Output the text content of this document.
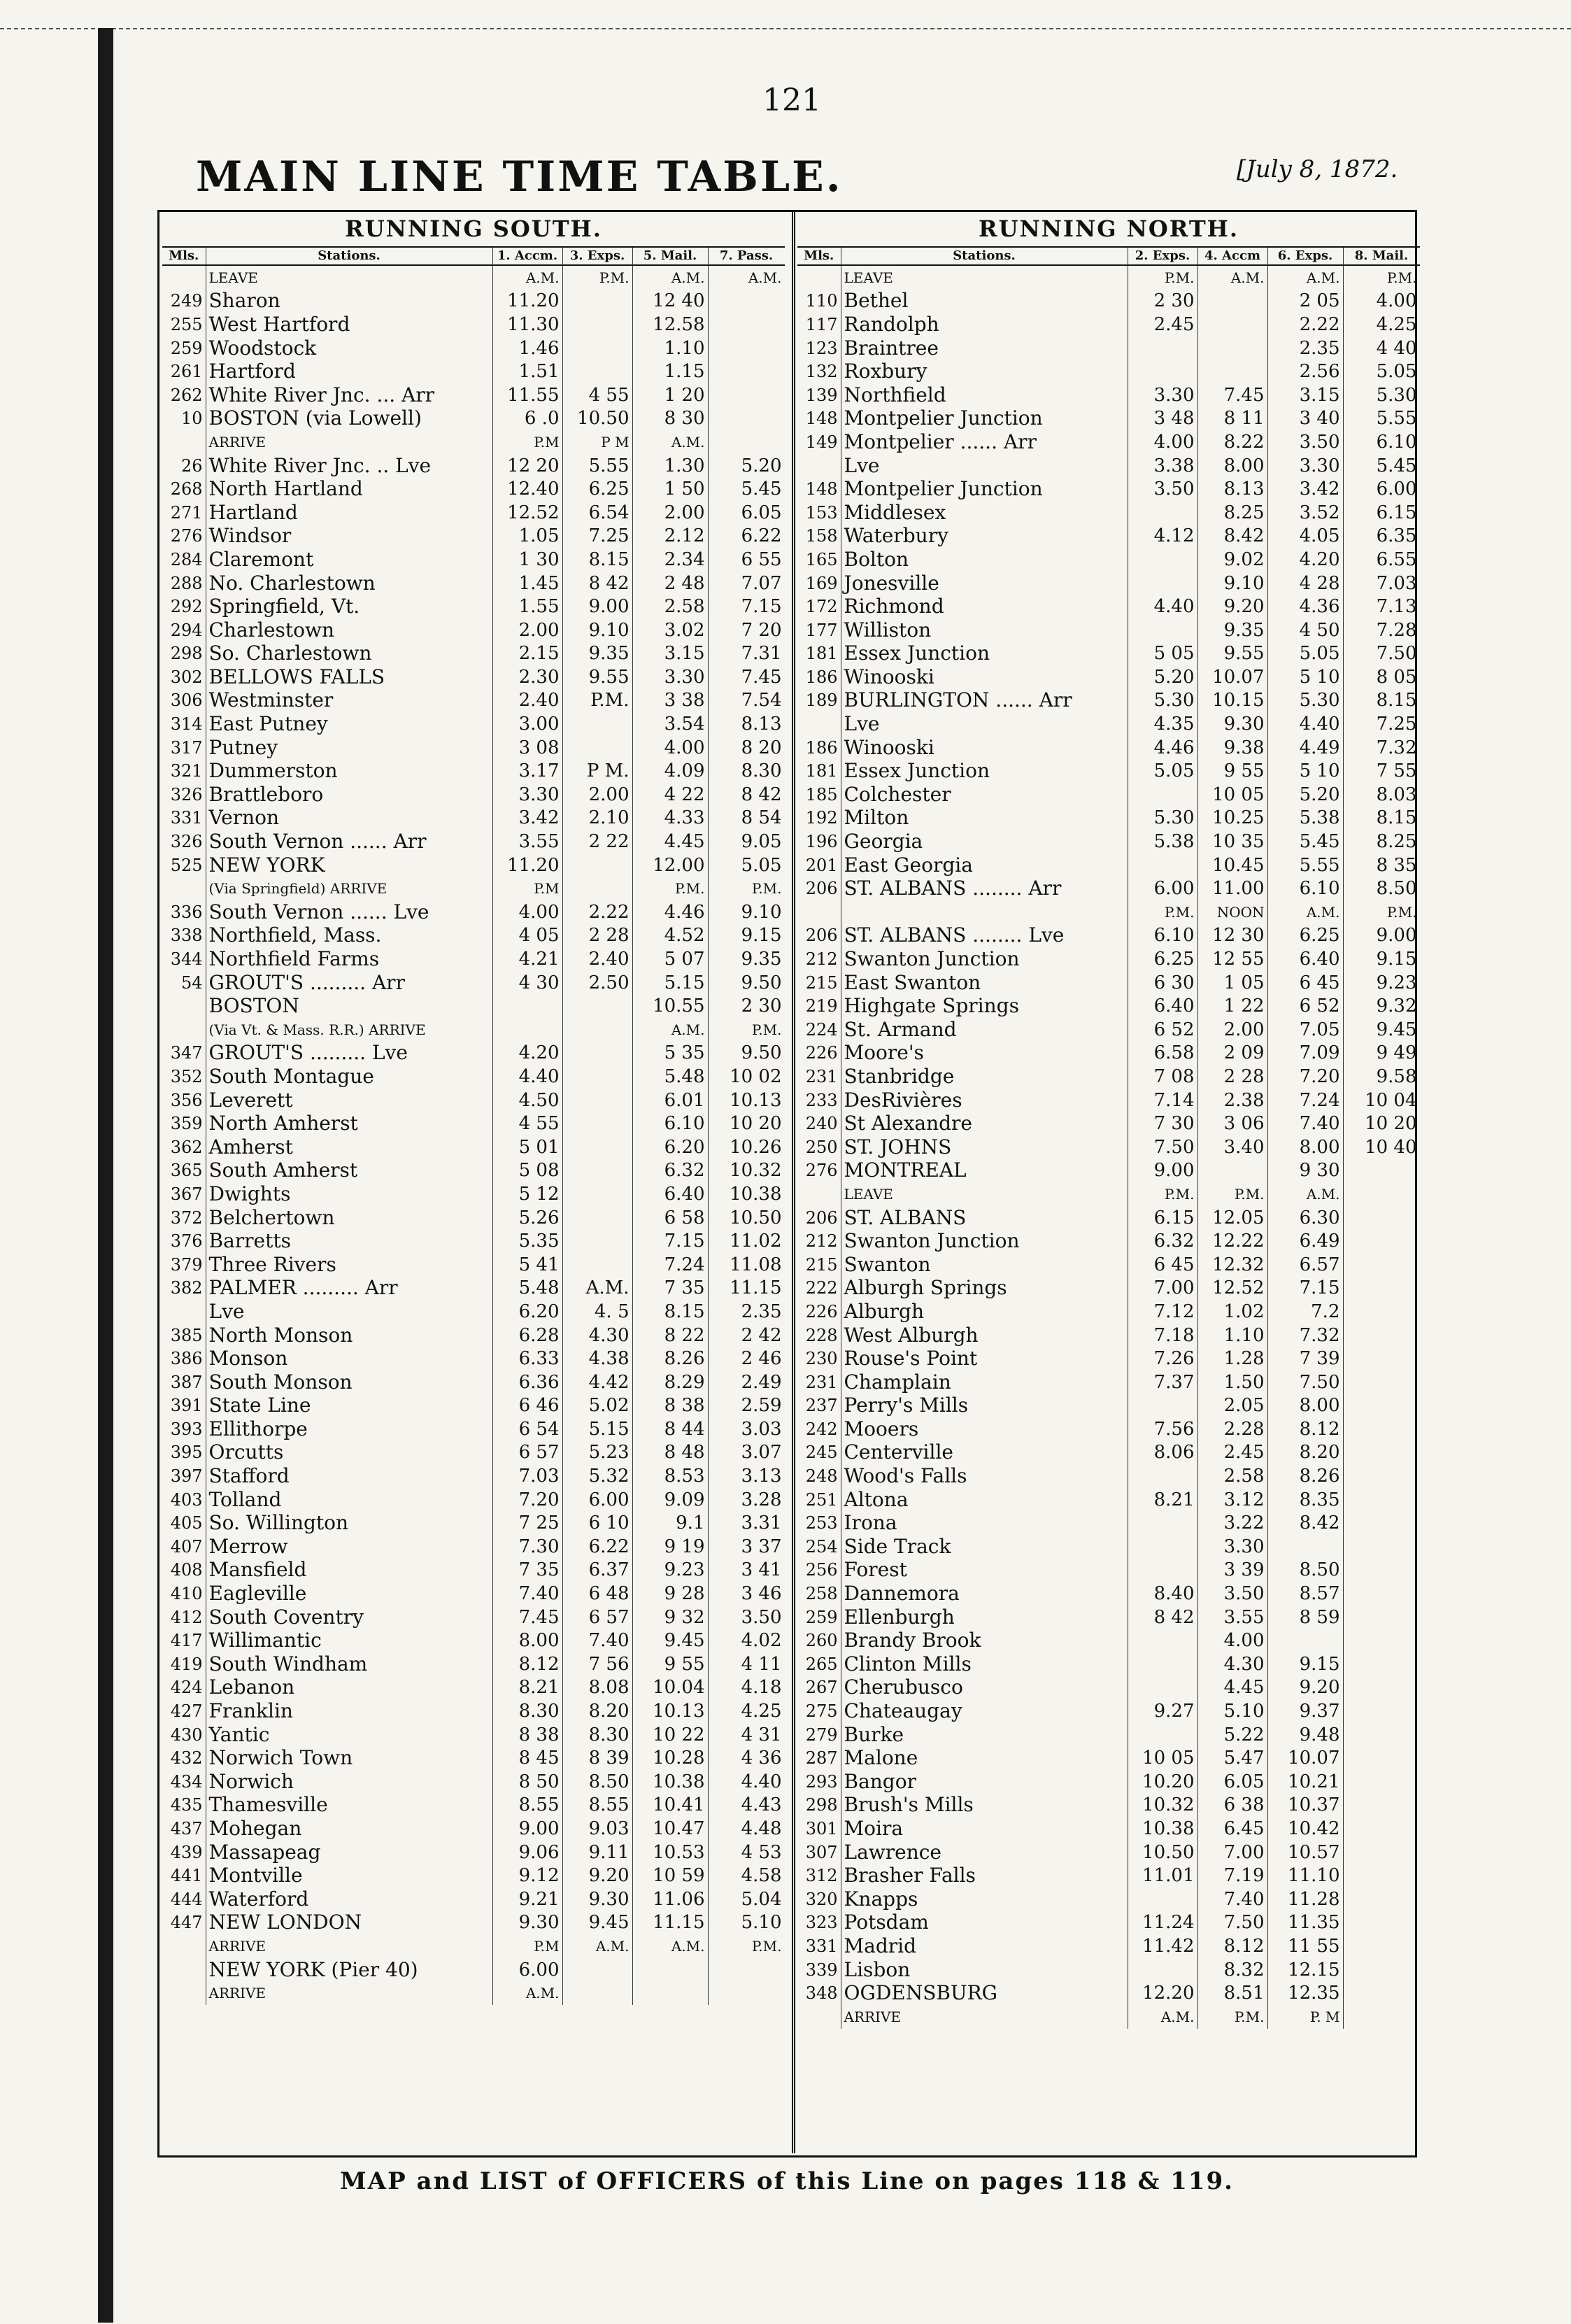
121
MAIN LINE TIME TABLE.	[July 8, 1872.
RUNNING SOUTH.
Mls.	Stations.	1. Accm.	3. Exps.	5. Mail.	7. Pass.
	LEAVE	A.M.	P.M.	A.M.	A.M.
249	Sharon	11.20		12 40	
255	West Hartford	11.30		12.58	
259	Woodstock	1.46		1.10	
261	Hartford	1.51		1.15	
262	White River Jnc. ... Arr	11.55	4 55	1 20	
10	BOSTON (via Lowell)	6 .0	10.50	8 30	
	ARRIVE	P.M	P M	A.M.	
26	White River Jnc. .. Lve	12 20	5.55	1.30	5.20
268	North Hartland	12.40	6.25	1 50	5.45
271	Hartland	12.52	6.54	2.00	6.05
276	Windsor	1.05	7.25	2.12	6.22
284	Claremont	1 30	8.15	2.34	6 55
288	No. Charlestown	1.45	8 42	2 48	7.07
292	Springfield, Vt.	1.55	9.00	2.58	7.15
294	Charlestown	2.00	9.10	3.02	7 20
298	So. Charlestown	2.15	9.35	3.15	7.31
302	BELLOWS FALLS	2.30	9.55	3.30	7.45
306	Westminster	2.40	P.M.	3 38	7.54
314	East Putney	3.00		3.54	8.13
317	Putney	3 08		4.00	8 20
321	Dummerston	3.17	P M.	4.09	8.30
326	Brattleboro	3.30	2.00	4 22	8 42
331	Vernon	3.42	2.10	4.33	8 54
326	South Vernon ...... Arr	3.55	2 22	4.45	9.05
525	NEW YORK	11.20		12.00	5.05
	(Via Springfield) ARRIVE	P.M		P.M.	P.M.
336	South Vernon ...... Lve	4.00	2.22	4.46	9.10
338	Northfield, Mass.	4 05	2 28	4.52	9.15
344	Northfield Farms	4.21	2.40	5 07	9.35
54	GROUT'S ......... Arr	4 30	2.50	5.15	9.50
	BOSTON			10.55	2 30
	(Via Vt. & Mass. R.R.) ARRIVE			A.M.	P.M.
347	GROUT'S ......... Lve	4.20		5 35	9.50
352	South Montague	4.40		5.48	10 02
356	Leverett	4.50		6.01	10.13
359	North Amherst	4 55		6.10	10 20
362	Amherst	5 01		6.20	10.26
365	South Amherst	5 08		6.32	10.32
367	Dwights	5 12		6.40	10.38
372	Belchertown	5.26		6 58	10.50
376	Barretts	5.35		7.15	11.02
379	Three Rivers	5 41		7.24	11.08
382	PALMER ......... Arr	5.48	A.M.	7 35	11.15
	Lve	6.20	4. 5	8.15	2.35
385	North Monson	6.28	4.30	8 22	2 42
386	Monson	6.33	4.38	8.26	2 46
387	South Monson	6.36	4.42	8.29	2.49
391	State Line	6 46	5.02	8 38	2.59
393	Ellithorpe	6 54	5.15	8 44	3.03
395	Orcutts	6 57	5.23	8 48	3.07
397	Stafford	7.03	5.32	8.53	3.13
403	Tolland	7.20	6.00	9.09	3.28
405	So. Willington	7 25	6 10	9.1	3.31
407	Merrow	7.30	6.22	9 19	3 37
408	Mansfield	7 35	6.37	9.23	3 41
410	Eagleville	7.40	6 48	9 28	3 46
412	South Coventry	7.45	6 57	9 32	3.50
417	Willimantic	8.00	7.40	9.45	4.02
419	South Windham	8.12	7 56	9 55	4 11
424	Lebanon	8.21	8.08	10.04	4.18
427	Franklin	8.30	8.20	10.13	4.25
430	Yantic	8 38	8.30	10 22	4 31
432	Norwich Town	8 45	8 39	10.28	4 36
434	Norwich	8 50	8.50	10.38	4.40
435	Thamesville	8.55	8.55	10.41	4.43
437	Mohegan	9.00	9.03	10.47	4.48
439	Massapeag	9.06	9.11	10.53	4 53
441	Montville	9.12	9.20	10 59	4.58
444	Waterford	9.21	9.30	11.06	5.04
447	NEW LONDON	9.30	9.45	11.15	5.10
	ARRIVE	P.M	A.M.	A.M.	P.M.
	NEW YORK (Pier 40)	6.00			
	ARRIVE	A.M.			
RUNNING NORTH.
Mls.	Stations.	2. Exps.	4. Accm	6. Exps.	8. Mail.
	LEAVE	P.M.	A.M.	A.M.	P.M.
110	Bethel	2 30		2 05	4.00
117	Randolph	2.45		2.22	4.25
123	Braintree			2.35	4 40
132	Roxbury			2.56	5.05
139	Northfield	3.30	7.45	3.15	5.30
148	Montpelier Junction	3 48	8 11	3 40	5.55
149	Montpelier ...... Arr	4.00	8.22	3.50	6.10
	Lve	3.38	8.00	3.30	5.45
148	Montpelier Junction	3.50	8.13	3.42	6.00
153	Middlesex		8.25	3.52	6.15
158	Waterbury	4.12	8.42	4.05	6.35
165	Bolton		9.02	4.20	6.55
169	Jonesville		9.10	4 28	7.03
172	Richmond	4.40	9.20	4.36	7.13
177	Williston		9.35	4 50	7.28
181	Essex Junction	5 05	9.55	5.05	7.50
186	Winooski	5.20	10.07	5 10	8 05
189	BURLINGTON ...... Arr	5.30	10.15	5.30	8.15
	Lve	4.35	9.30	4.40	7.25
186	Winooski	4.46	9.38	4.49	7.32
181	Essex Junction	5.05	9 55	5 10	7 55
185	Colchester		10 05	5.20	8.03
192	Milton	5.30	10.25	5.38	8.15
196	Georgia	5.38	10 35	5.45	8.25
201	East Georgia		10.45	5.55	8 35
206	ST. ALBANS ........ Arr	6.00	11.00	6.10	8.50
		P.M.	NOON	A.M.	P.M.
206	ST. ALBANS ........ Lve	6.10	12 30	6.25	9.00
212	Swanton Junction	6.25	12 55	6.40	9.15
215	East Swanton	6 30	1 05	6 45	9.23
219	Highgate Springs	6.40	1 22	6 52	9.32
224	St. Armand	6 52	2.00	7.05	9.45
226	Moore's	6.58	2 09	7.09	9 49
231	Stanbridge	7 08	2 28	7.20	9.58
233	DesRivières	7.14	2.38	7.24	10 04
240	St Alexandre	7 30	3 06	7.40	10 20
250	ST. JOHNS	7.50	3.40	8.00	10 40
276	MONTREAL	9.00		9 30	
	LEAVE	P.M.	P.M.	A.M.	
206	ST. ALBANS	6.15	12.05	6.30	
212	Swanton Junction	6.32	12.22	6.49	
215	Swanton	6 45	12.32	6.57	
222	Alburgh Springs	7.00	12.52	7.15	
226	Alburgh	7.12	1.02	7.2	
228	West Alburgh	7.18	1.10	7.32	
230	Rouse's Point	7.26	1.28	7 39	
231	Champlain	7.37	1.50	7.50	
237	Perry's Mills		2.05	8.00	
242	Mooers	7.56	2.28	8.12	
245	Centerville	8.06	2.45	8.20	
248	Wood's Falls		2.58	8.26	
251	Altona	8.21	3.12	8.35	
253	Irona		3.22	8.42	
254	Side Track		3.30		
256	Forest		3 39	8.50	
258	Dannemora	8.40	3.50	8.57	
259	Ellenburgh	8 42	3.55	8 59	
260	Brandy Brook		4.00		
265	Clinton Mills		4.30	9.15	
267	Cherubusco		4.45	9.20	
275	Chateaugay	9.27	5.10	9.37	
279	Burke		5.22	9.48	
287	Malone	10 05	5.47	10.07	
293	Bangor	10.20	6.05	10.21	
298	Brush's Mills	10.32	6 38	10.37	
301	Moira	10.38	6.45	10.42	
307	Lawrence	10.50	7.00	10.57	
312	Brasher Falls	11.01	7.19	11.10	
320	Knapps		7.40	11.28	
323	Potsdam	11.24	7.50	11.35	
331	Madrid	11.42	8.12	11 55	
339	Lisbon		8.32	12.15	
348	OGDENSBURG	12.20	8.51	12.35	
	ARRIVE	A.M.	P.M.	P. M	
MAP and LIST of OFFICERS of this Line on pages 118 & 119.
